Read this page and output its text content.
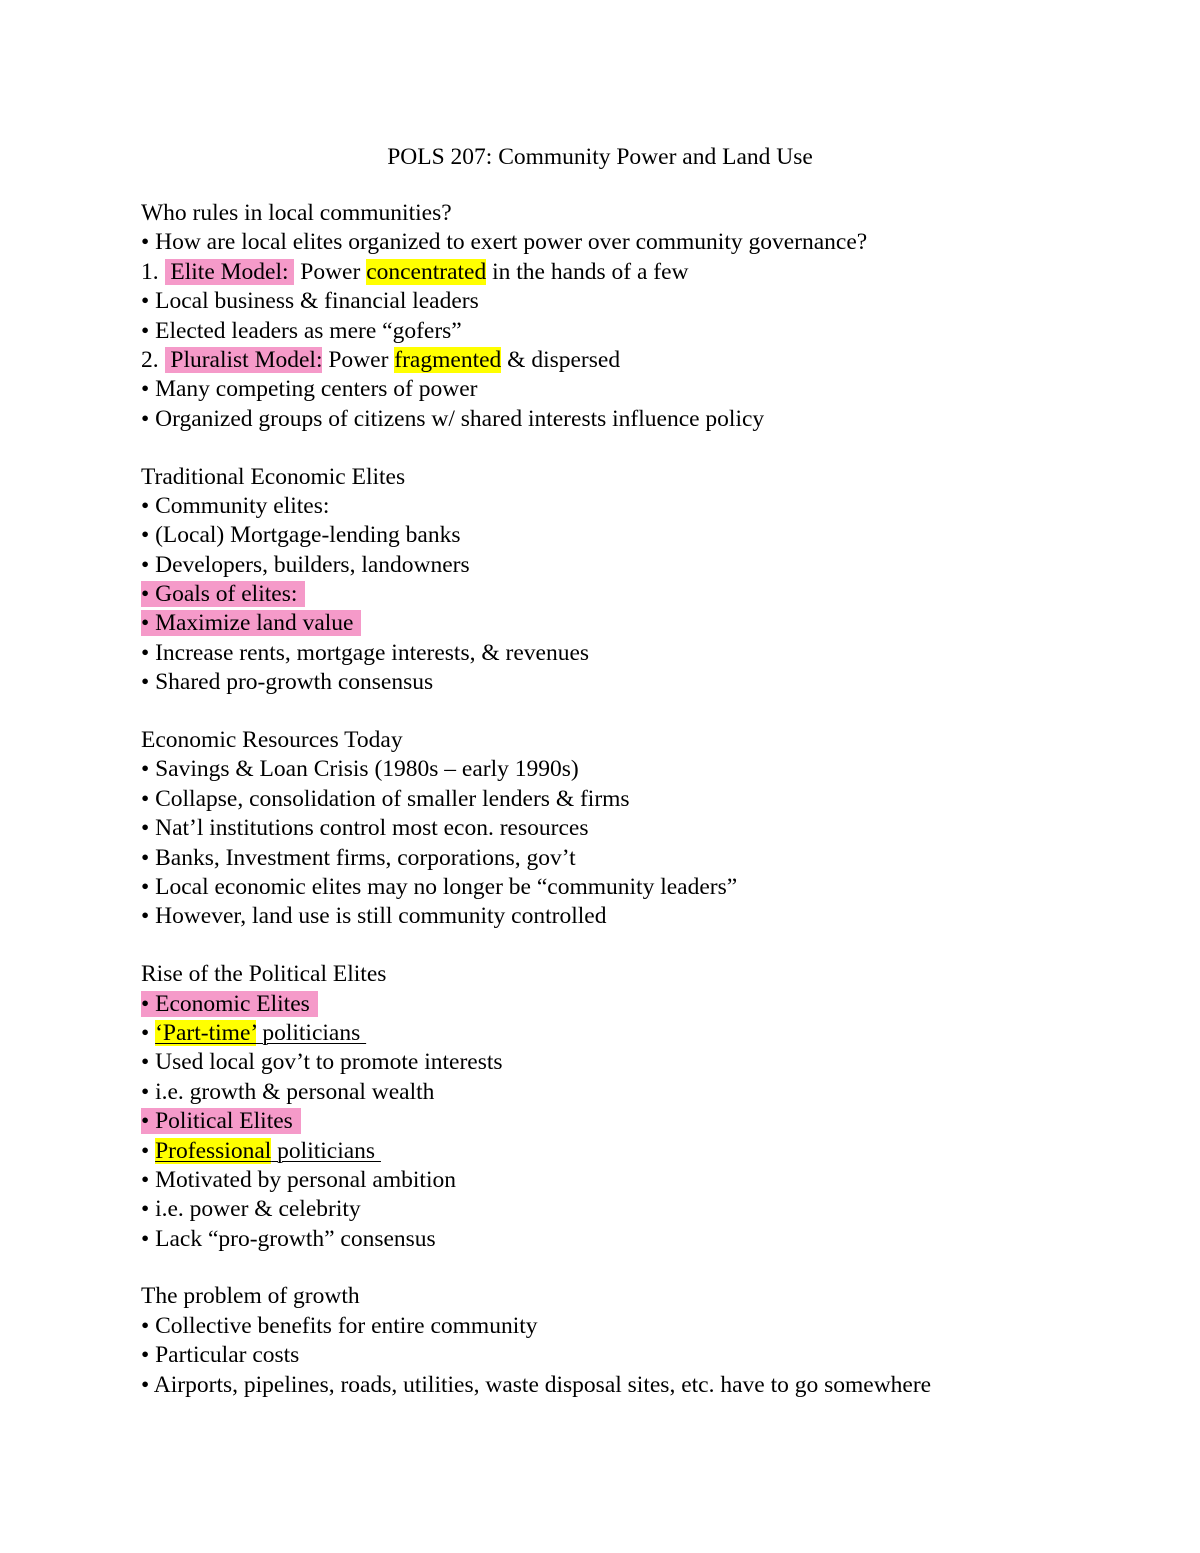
POLS 207: Community Power and Land Use
Who rules in local communities?
• How are local elites organized to exert power over community governance?
1.  Elite Model:  Power concentrated in the hands of a few
• Local business & financial leaders
• Elected leaders as mere “gofers”
2.  Pluralist Model: Power fragmented & dispersed
• Many competing centers of power
• Organized groups of citizens w/ shared interests influence policy
Traditional Economic Elites
• Community elites:
• (Local) Mortgage-lending banks
• Developers, builders, landowners
• Goals of elites:
• Maximize land value
• Increase rents, mortgage interests, & revenues
• Shared pro-growth consensus
Economic Resources Today
• Savings & Loan Crisis (1980s – early 1990s)
• Collapse, consolidation of smaller lenders & firms
• Nat’l institutions control most econ. resources
• Banks, Investment firms, corporations, gov’t
• Local economic elites may no longer be “community leaders”
• However, land use is still community controlled
Rise of the Political Elites
• Economic Elites
• ‘Part-time’ politicians
• Used local gov’t to promote interests
• i.e. growth & personal wealth
• Political Elites
• Professional politicians
• Motivated by personal ambition
• i.e. power & celebrity
• Lack “pro-growth” consensus
The problem of growth
• Collective benefits for entire community
• Particular costs
• Airports, pipelines, roads, utilities, waste disposal sites, etc. have to go somewhere
